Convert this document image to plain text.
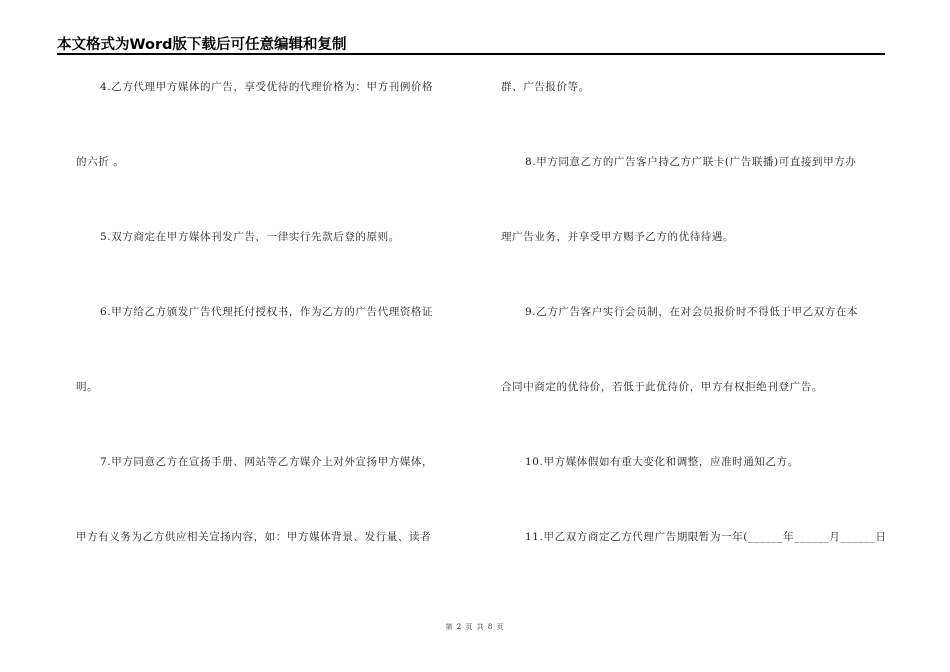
本文格式为Word版下载后可任意编辑和复制
4.乙方代理甲方媒体的广告，享受优待的代理价格为：甲方刊例价格
的六折 。
5.双方商定在甲方媒体刊发广告，一律实行先款后登的原则。
6.甲方给乙方颁发广告代理托付授权书，作为乙方的广告代理资格证
明。
7.甲方同意乙方在宣扬手册、网站等乙方媒介上对外宣扬甲方媒体，
甲方有义务为乙方供应相关宣扬内容，如：甲方媒体背景、发行量、读者
群、广告报价等。
8.甲方同意乙方的广告客户持乙方广联卡(广告联播)可直接到甲方办
理广告业务，并享受甲方赐予乙方的优待待遇。
9.乙方广告客户实行会员制，在对会员报价时不得低于甲乙双方在本
合同中商定的优待价，若低于此优待价，甲方有权拒绝刊登广告。
10.甲方媒体假如有重大变化和调整，应准时通知乙方。
11.甲乙双方商定乙方代理广告期限暂为一年(______年______月______日
第 2 页 共 8 页
